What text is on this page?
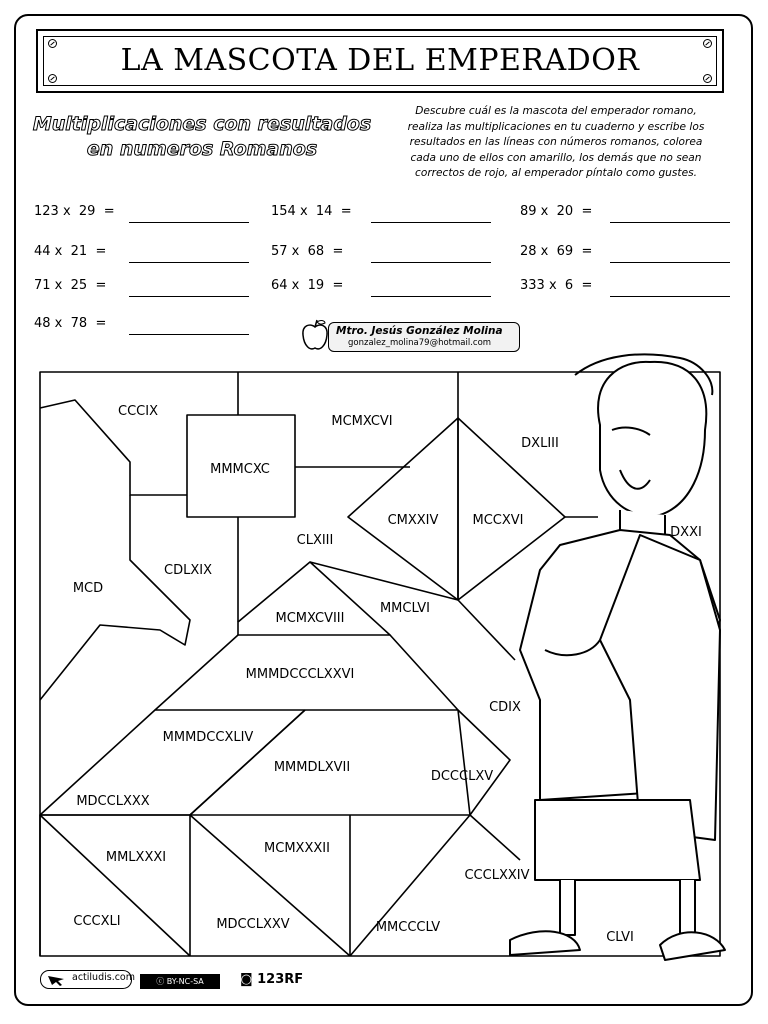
LA MASCOTA DEL EMPERADOR
Multiplicaciones con resultados
en numeros Romanos
Descubre cuál es la mascota del emperador romano,
realiza las multiplicaciones en tu cuaderno y escribe los
resultados en las líneas con números romanos, colorea
cada uno de ellos con amarillo, los demás que no sean
correctos de rojo, al emperador píntalo como gustes.
123 x  29  =	154 x  14  =	89 x  20  =
44 x  21  =	57 x  68  =	28 x  69  =
71 x  25  =	64 x  19  =	333 x  6  =
48 x  78  =	Mtro. Jesús González Molina
gonzalez_molina79@hotmail.com
CCCIX
MCMXCVI
MMMCXC
DXLIII
CMXXIV	MCCXVI
DXXI
CLXIII
CDLXIX
MCD
MMCLVI
MCMXCVIII
MMMDCCCLXXVI
CDIX
MMMDCCXLIV
MMMDLXVII
DCCCLXV
MDCCLXXX
MMLXXXI
MCMXXXII
CCCLXXIV
CCCXLI	MDCCLXXV	MMCCCLV
CLVI
actiludis.com	ⓒ BY-NC-SA	◙ 123RF
